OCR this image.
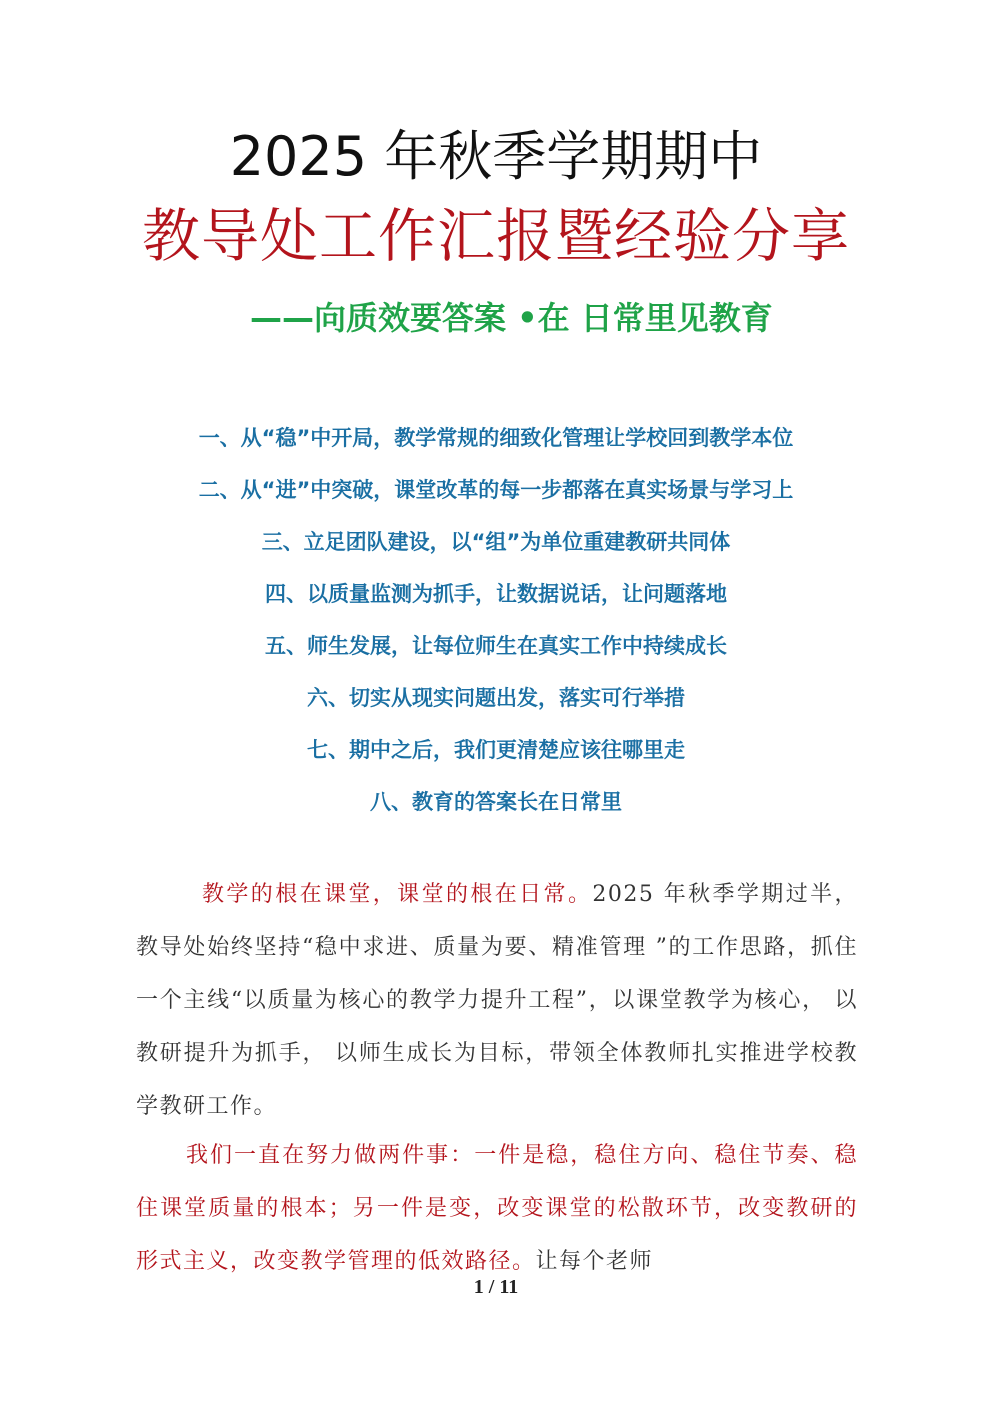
2025 年秋季学期期中
教导处工作汇报暨经验分享
——向质效要答案 •在 日常里见教育
一、从“稳”中开局，教学常规的细致化管理让学校回到教学本位
二、从“进”中突破，课堂改革的每一步都落在真实场景与学习上
三、立足团队建设，以“组”为单位重建教研共同体
四、以质量监测为抓手，让数据说话，让问题落地
五、师生发展，让每位师生在真实工作中持续成长
六、切实从现实问题出发，落实可行举措
七、期中之后，我们更清楚应该往哪里走
八、教育的答案长在日常里

教学的根在课堂，课堂的根在日常。2025 年秋季学期过半，教导处始终坚持“稳中求进、质量为要、精准管理 ”的工作思路，抓住一个主线“以质量为核心的教学力提升工程”，以课堂教学为核心， 以教研提升为抓手， 以师生成长为目标，带领全体教师扎实推进学校教学教研工作。

我们一直在努力做两件事：一件是稳，稳住方向、稳住节奏、稳住课堂质量的根本；另一件是变，改变课堂的松散环节，改变教研的形式主义，改变教学管理的低效路径。让每个老师

1 / 11
